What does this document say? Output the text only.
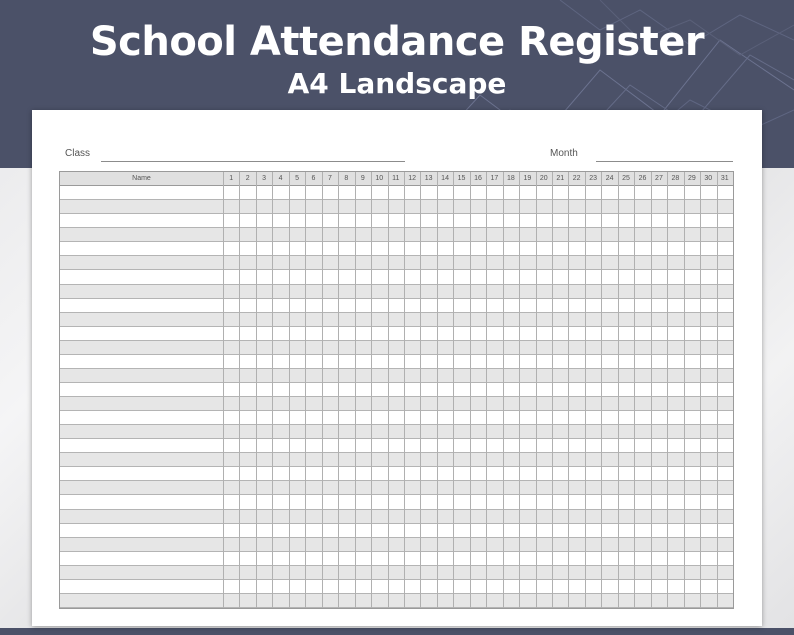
School Attendance Register
A4 Landscape
Class	Month
Name	1	2	3	4	5	6	7	8	9	10	11	12	13	14	15	16	17	18	19	20	21	22	23	24	25	26	27	28	29	30	31
